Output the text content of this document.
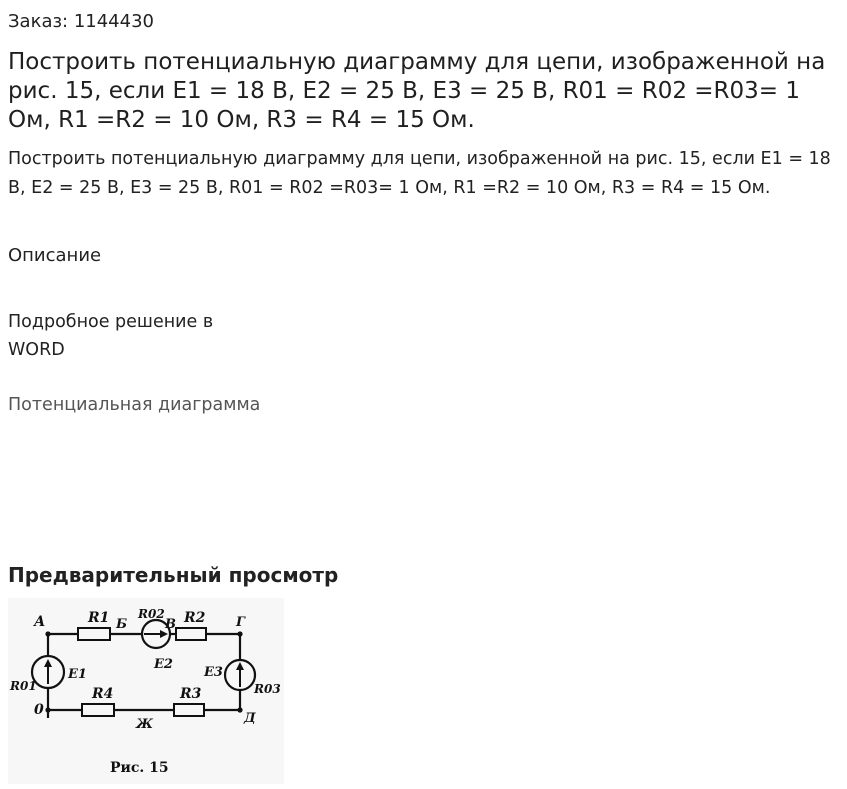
Заказ: 1144430
Построить потенциальную диаграмму для цепи, изображенной на рис. 15, если E1 = 18 В, E2 = 25 В, E3 = 25 В, R01 = R02 =R03= 1 Ом, R1 =R2 = 10 Ом, R3 = R4 = 15 Ом.

Построить потенциальную диаграмму для цепи, изображенной на рис. 15, если E1 = 18 В, E2 = 25 В, E3 = 25 В, R01 = R02 =R03= 1 Ом, R1 =R2 = 10 Ом, R3 = R4 = 15 Ом.

Описание
Подробное решение в WORD
Потенциальная диаграмма
Предварительный просмотр
А	R1 Б
R02
В R2 Г
E2
E1
R01
E3
R03
R4	R3
0
Ж	Д
Рис. 15
